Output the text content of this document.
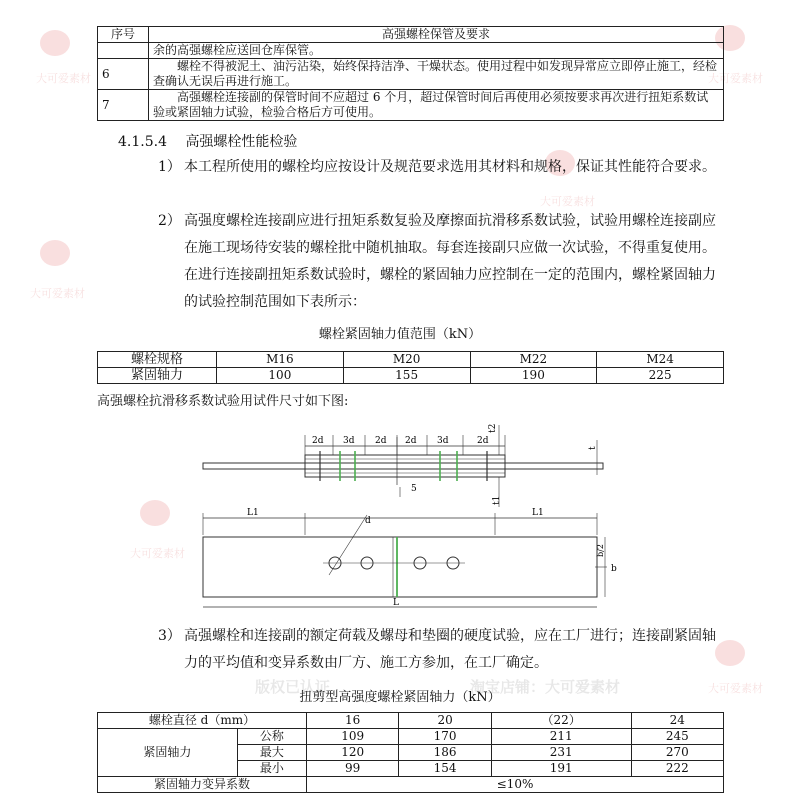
大可爱素材	大可爱素材
大可爱素材
大可爱素材
大可爱素材
大可爱素材
版权已认证	淘宝店铺：大可爱素材
序号	高强螺栓保管及要求
	余的高强螺栓应送回仓库保管。
6	螺栓不得被泥土、油污沾染，始终保持洁净、干燥状态。使用过程中如发现异常应立即停止施工，经检查确认无误后再进行施工。
7	高强螺栓连接副的保管时间不应超过 6 个月，超过保管时间后再使用必须按要求再次进行扭矩系数试验或紧固轴力试验，检验合格后方可使用。
4.1.5.4 高强螺栓性能检验
1） 本工程所使用的螺栓均应按设计及规范要求选用其材料和规格，保证其性能符合要求。
2） 高强度螺栓连接副应进行扭矩系数复验及摩擦面抗滑移系数试验，试验用螺栓连接副应在施工现场待安装的螺栓批中随机抽取。每套连接副只应做一次试验，不得重复使用。在进行连接副扭矩系数试验时，螺栓的紧固轴力应控制在一定的范围内，螺栓紧固轴力的试验控制范围如下表所示：
螺栓紧固轴力值范围（kN）
螺栓规格	M16	M20	M22	M24
紧固轴力	100	155	190	225
高强螺栓抗滑移系数试验用试件尺寸如下图:
2d 3d 2d 2d 3d	2d
t2
t1
t
5
L1	L1
d
b/2
b
L
3） 高强螺栓和连接副的额定荷载及螺母和垫圈的硬度试验，应在工厂进行；连接副紧固轴力的平均值和变异系数由厂方、施工方参加，在工厂确定。
扭剪型高强度螺栓紧固轴力（kN）
螺栓直径 d（mm）		16	20	（22）	24
紧固轴力	公称	109	170	211	245
	最大	120	186	231	270
	最小	99	154	191	222
紧固轴力变异系数		≤10%			
